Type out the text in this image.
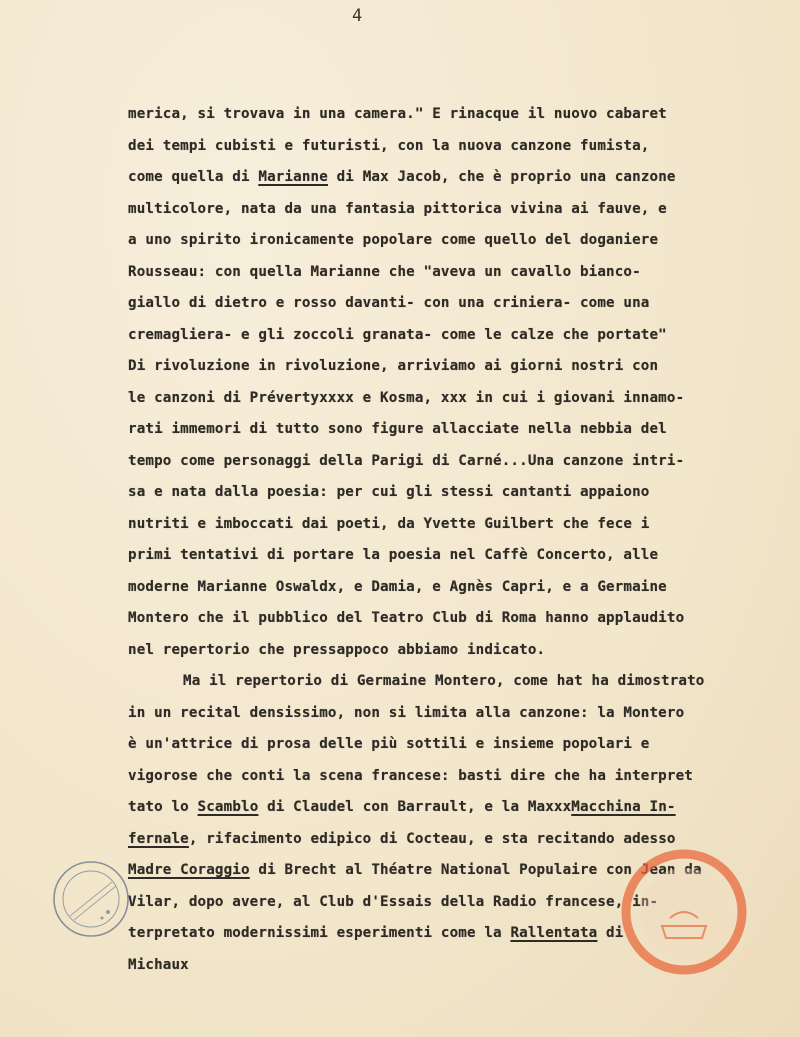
4
merica, si trovava in una camera." E rinacque il nuovo cabaret
dei tempi cubisti e futuristi, con la nuova canzone fumista,
come quella di Marianne di Max Jacob, che è proprio una canzone
multicolore, nata da una fantasia pittorica vivina ai fauve, e
a uno spirito ironicamente popolare come quello del doganiere
Rousseau: con quella Marianne che "aveva un cavallo bianco-
giallo di dietro e rosso davanti- con una criniera- come una
cremagliera- e gli zoccoli granata- come le calze che portate"
Di rivoluzione in rivoluzione, arriviamo ai giorni nostri con
le canzoni di Prévertyxxxx e Kosma, xxx in cui i giovani innamo-
rati immemori di tutto sono figure allacciate nella nebbia del
tempo come personaggi della Parigi di Carné...Una canzone intri-
sa e nata dalla poesia: per cui gli stessi cantanti appaiono
nutriti e imboccati dai poeti, da Yvette Guilbert che fece i
primi tentativi di portare la poesia nel Caffè Concerto, alle
moderne Marianne Oswaldx, e Damia, e Agnès Capri, e a Germaine
Montero che il pubblico del Teatro Club di Roma hanno applaudito
nel repertorio che pressappoco abbiamo indicato.
Ma il repertorio di Germaine Montero, come hat ha dimostrato
in un recital densissimo, non si limita alla canzone: la Montero
è un'attrice di prosa delle più sottili e insieme popolari e
vigorose che conti la scena francese: basti dire che ha interpret
tato lo Scamblo di Claudel con Barrault, e la MaxxxMacchina In-
fernale, rifacimento edipico di Cocteau, e sta recitando adesso
Madre Coraggio di Brecht al Théatre National Populaire con Jean da
Vilar, dopo avere, al Club d'Essais della Radio francese, in-
terpretato modernissimi esperimenti come la Rallentata di
Michaux
